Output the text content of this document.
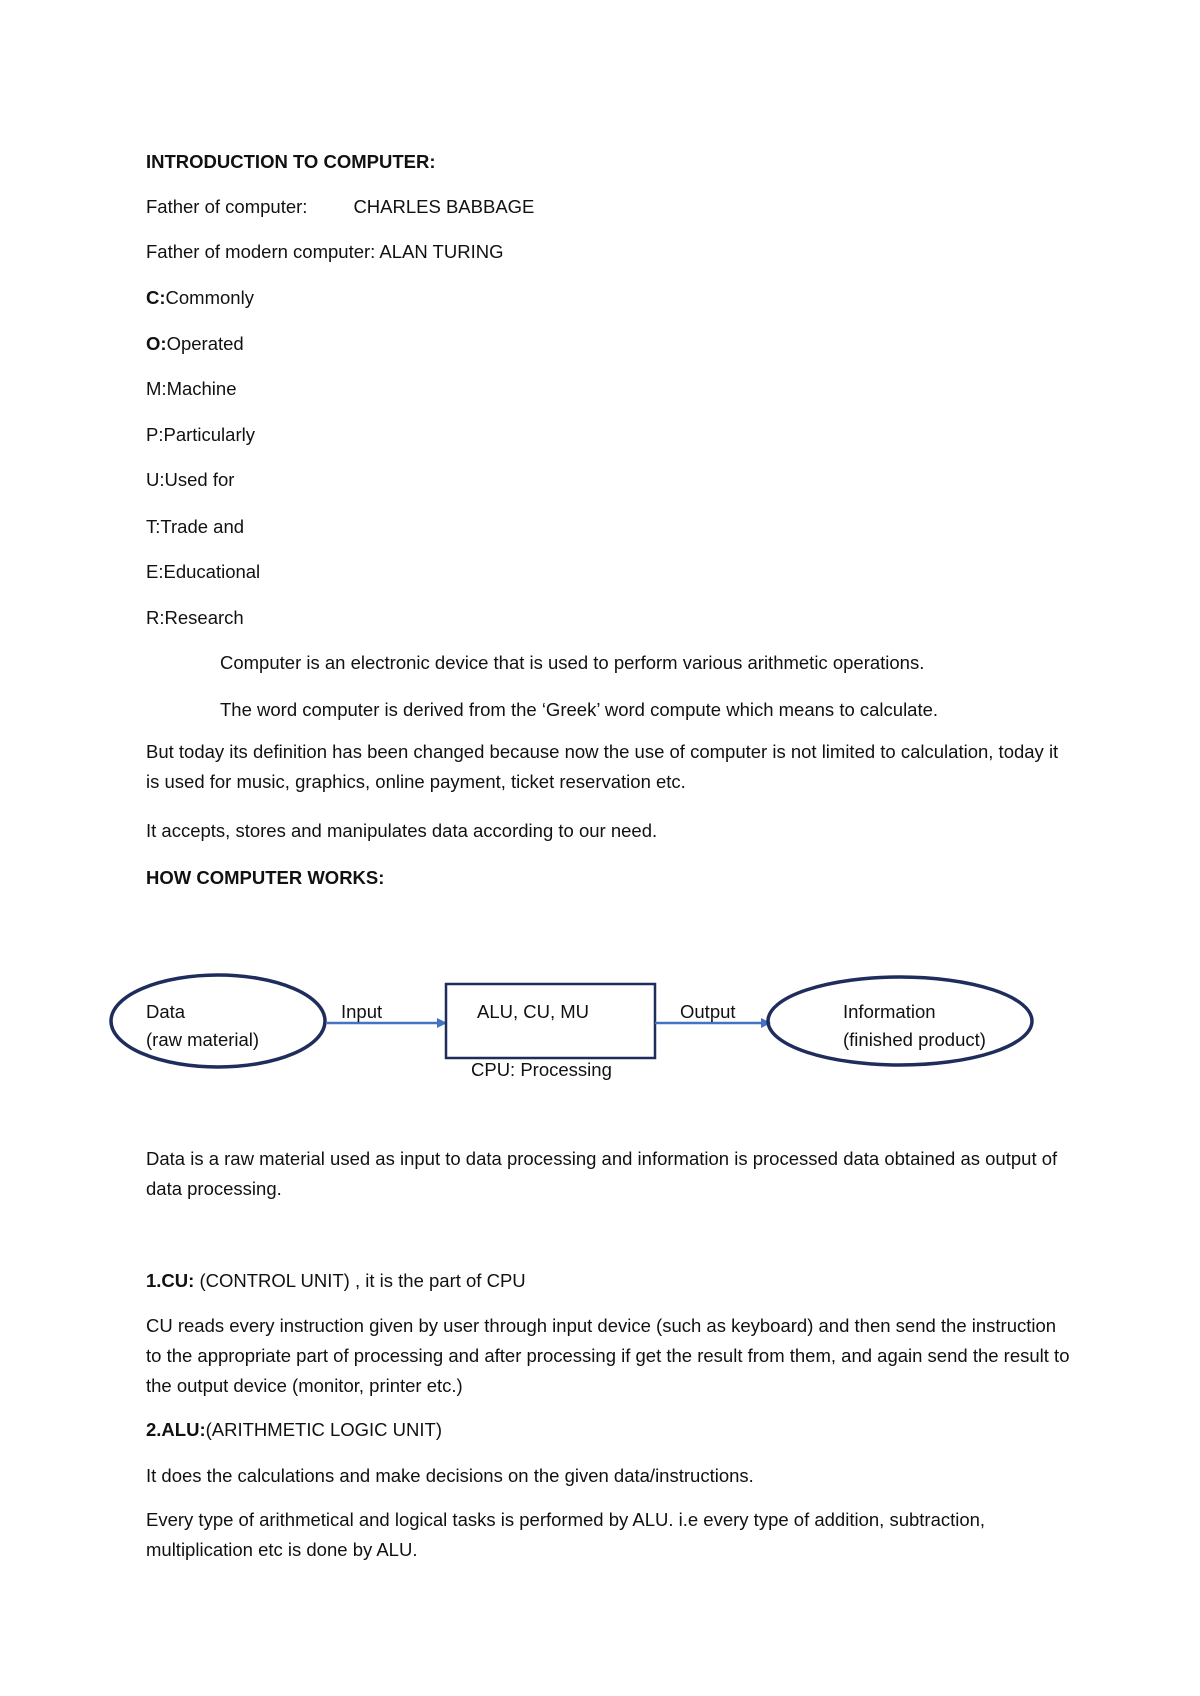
INTRODUCTION TO COMPUTER:
Father of computer: CHARLES BABBAGE
Father of modern computer: ALAN TURING
C:Commonly
O:Operated
M:Machine
P:Particularly
U:Used for
T:Trade and
E:Educational
R:Research
Computer is an electronic device that is used to perform various arithmetic operations.
The word computer is derived from the ‘Greek’ word compute which means to calculate.
But today its definition has been changed because now the use of computer is not limited to calculation, today it is used for music, graphics, online payment, ticket reservation etc.
It accepts, stores and manipulates data according to our need.
HOW COMPUTER WORKS:
Data
(raw material)
Input	ALU, CU, MU
CPU: Processing
Output	Information
(finished product)
Data is a raw material used as input to data processing and information is processed data obtained as output of data processing.
1.CU: (CONTROL UNIT) , it is the part of CPU
CU reads every instruction given by user through input device (such as keyboard) and then send the instruction to the appropriate part of processing and after processing if get the result from them, and again send the result to the output device (monitor, printer etc.)
2.ALU:(ARITHMETIC LOGIC UNIT)
It does the calculations and make decisions on the given data/instructions.
Every type of arithmetical and logical tasks is performed by ALU. i.e every type of addition, subtraction, multiplication etc is done by ALU.
